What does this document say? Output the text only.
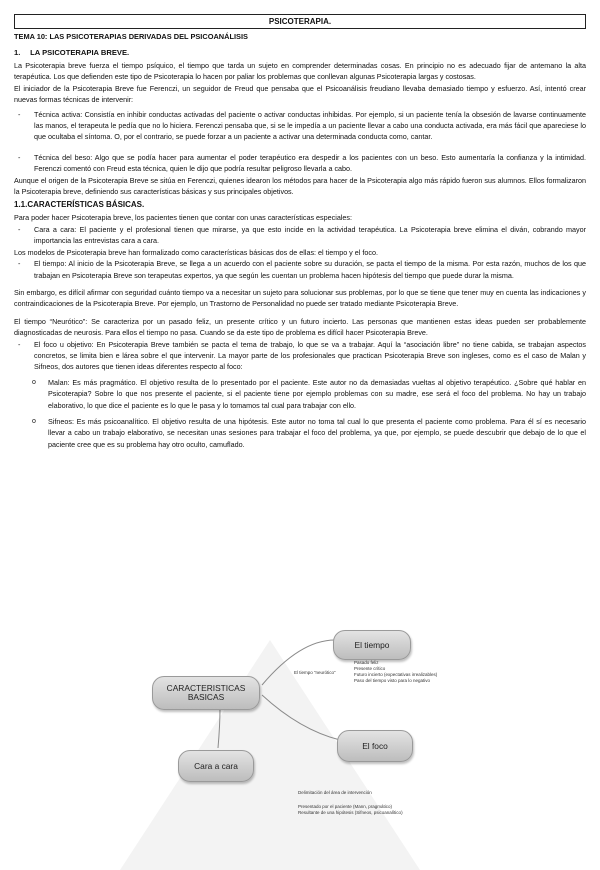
PSICOTERAPIA.
TEMA 10: LAS PSICOTERAPIAS DERIVADAS DEL PSICOANÁLISIS
1. LA PSICOTERAPIA BREVE.

La Psicoterapia breve fuerza el tiempo psíquico, el tiempo que tarda un sujeto en comprender determinadas cosas. En principio no es adecuado fijar de antemano la alta terapéutica. Los que defienden este tipo de Psicoterapia lo hacen por paliar los problemas que conllevan algunas Psicoterapia largas y costosas.

El iniciador de la Psicoterapia Breve fue Ferenczi, un seguidor de Freud que pensaba que el Psicoanálisis freudiano llevaba demasiado tiempo y esfuerzo. Así, intentó crear nuevas formas técnicas de intervenir:

- Técnica activa: Consistía en inhibir conductas activadas del paciente o activar conductas inhibidas. Por ejemplo, si un paciente tenía la obsesión de lavarse continuamente las manos, el terapeuta le pedía que no lo hiciera. Ferenczi pensaba que, si se le impedía a un paciente llevar a cabo una conducta activada, era más fácil que apareciese lo que ocultaba el síntoma. O, por el contrario, se puede forzar a un paciente a activar una determinada conducta como, cantar.
- Técnica del beso: Algo que se podía hacer para aumentar el poder terapéutico era despedir a los pacientes con un beso. Esto aumentaría la confianza y la intimidad. Ferenczi comentó con Freud esta técnica, quien le dijo que podría resultar peligroso llevarla a cabo.

Aunque el origen de la Psicoterapia Breve se sitúa en Ferenczi, quienes idearon los métodos para hacer de la Psicoterapia algo más rápido fueron sus alumnos. Ellos formalizaron la Psicoterapia breve, definiendo sus características básicas y sus principales objetivos.

1.1.CARACTERÍSTICAS BÁSICAS.

Para poder hacer Psicoterapia breve, los pacientes tienen que contar con unas características especiales:

- Cara a cara: El paciente y el profesional tienen que mirarse, ya que esto incide en la actividad terapéutica. La Psicoterapia breve elimina el diván, cobrando mayor importancia las entrevistas cara a cara.

Los modelos de Psicoterapia breve han formalizado como características básicas dos de ellas: el tiempo y el foco.

- El tiempo: Al inicio de la Psicoterapia Breve, se llega a un acuerdo con el paciente sobre su duración, se pacta el tiempo de la misma. Por esta razón, muchos de los que trabajan en Psicoterapia Breve son terapeutas expertos, ya que según les cuentan un problema hacen hipótesis del tiempo que puede durar la misma.

Sin embargo, es difícil afirmar con seguridad cuánto tiempo va a necesitar un sujeto para solucionar sus problemas, por lo que se tiene que tener muy en cuenta las indicaciones y contraindicaciones de la Psicoterapia Breve. Por ejemplo, un Trastorno de Personalidad no puede ser tratado mediante Psicoterapia Breve.

El tiempo “Neurótico”: Se caracteriza por un pasado feliz, un presente crítico y un futuro incierto. Las personas que mantienen estas ideas pueden ser probablemente diagnosticadas de neurosis. Para ellos el tiempo no pasa. Cuando se da este tipo de problema es difícil hacer Psicoterapia Breve.

- El foco u objetivo: En Psicoterapia Breve también se pacta el tema de trabajo, lo que se va a trabajar. Aquí la “asociación libre” no tiene cabida, se trabajan aspectos concretos, se limita bien e lárea sobre el que intervenir. La mayor parte de los profesionales que practican Psicoterapia Breve son ingleses, como es el caso de Malan y Sifneos, dos autores que tienen ideas diferentes respecto al foco:
o Malan: Es más pragmático. El objetivo resulta de lo presentado por el paciente. Este autor no da demasiadas vueltas al objetivo terapéutico. ¿Sobre qué hablar en Psicoterapia? Sobre lo que nos presente el paciente, si el paciente tiene por ejemplo problemas con su madre, ese será el foco del problema. No hay un trabajo elaborativo, lo que dice el paciente es lo que le pasa y lo tomamos tal cual para trabajar con ello.
o Sifneos: Es más psicoanalítico. El objetivo resulta de una hipótesis. Este autor no toma tal cual lo que presenta el paciente como problema. Para él sí es necesario llevar a cabo un trabajo elaborativo, se necesitan unas sesiones para trabajar el foco del problema, ya que, por ejemplo, se puede descubrir que debajo de lo que el paciente cree que es su problema hay otro oculto, camuflado.
CARACTERISTICAS BASICAS
El tiempo
El foco
Cara a cara
El tiempo “neurótico”
Pasado feliz
Presente crítico
Futuro incierto (expectativas irrealizables)
Paso del tiempo visto para lo negativo
Delimitación del área de intervención
Presentado por el paciente (Mann, pragmático)
Resultante de una hipótesis (Sifneos, psicoanalítico)
